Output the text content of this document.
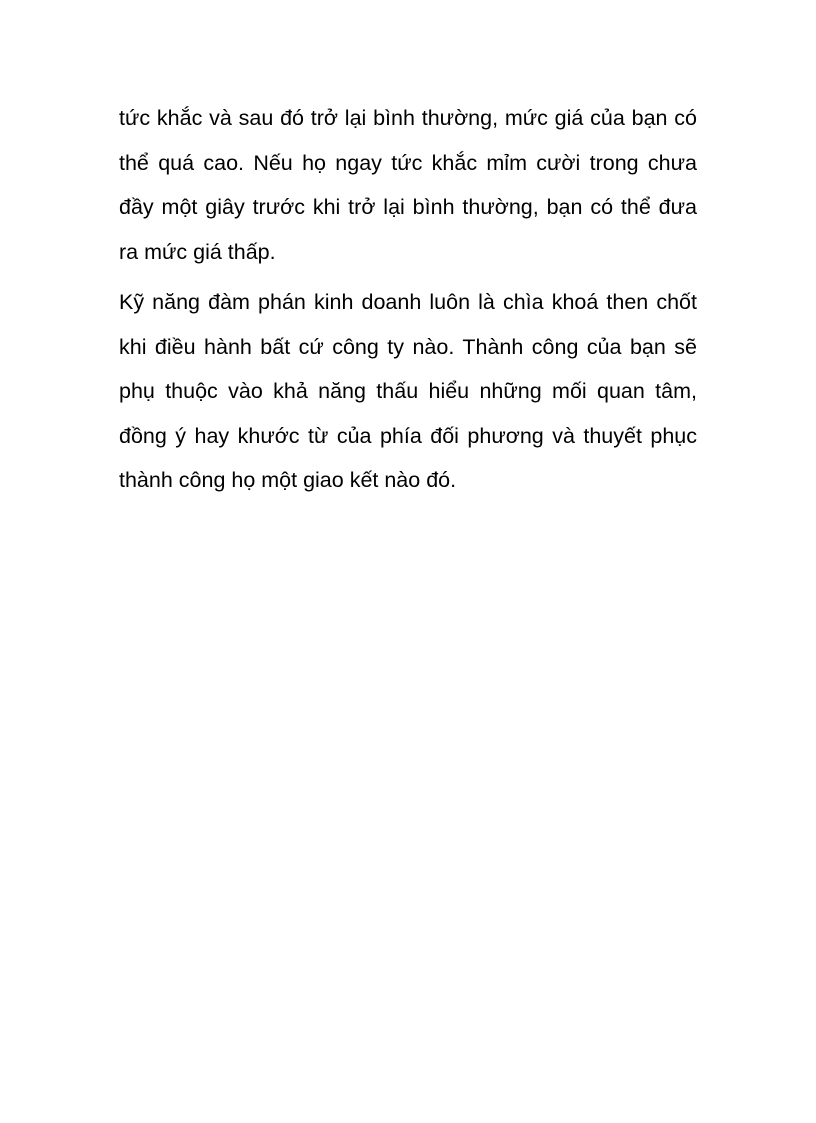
tức khắc và sau đó trở lại bình thường, mức giá của bạn có thể quá cao. Nếu họ ngay tức khắc mỉm cười trong chưa đầy một giây trước khi trở lại bình thường, bạn có thể đưa ra mức giá thấp.

Kỹ năng đàm phán kinh doanh luôn là chìa khoá then chốt khi điều hành bất cứ công ty nào. Thành công của bạn sẽ phụ thuộc vào khả năng thấu hiểu những mối quan tâm, đồng ý hay khước từ của phía đối phương và thuyết phục thành công họ một giao kết nào đó.
